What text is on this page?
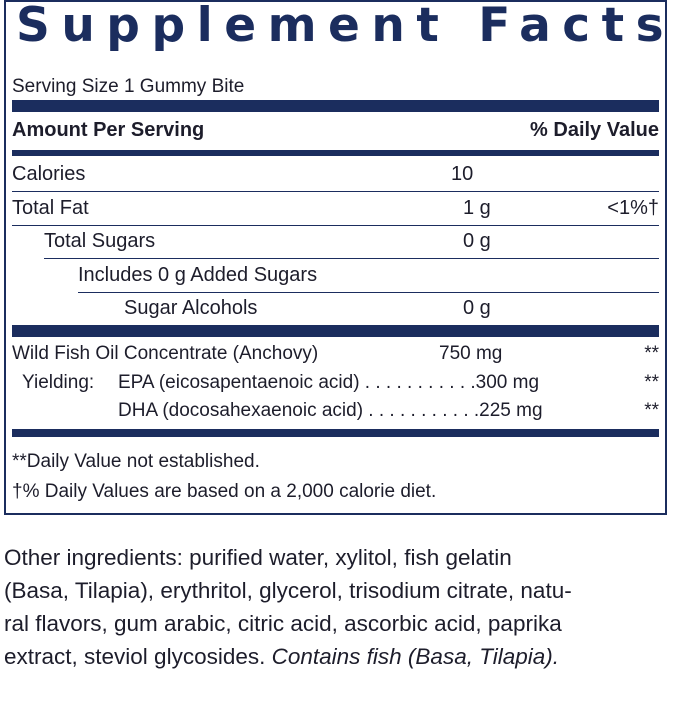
Supplement Facts
Serving Size 1 Gummy Bite
Amount Per Serving	% Daily Value
Calories	10
Total Fat	1 g	<1%†
Total Sugars	0 g
Includes 0 g Added Sugars
Sugar Alcohols	0 g
Wild Fish Oil Concentrate (Anchovy)	750 mg	**
Yielding: EPA (eicosapentaenoic acid) . . . . . . . . . . .300 mg	**
DHA (docosahexaenoic acid) . . . . . . . . . . .225 mg	**
**Daily Value not established.
†% Daily Values are based on a 2,000 calorie diet.
Other ingredients: purified water, xylitol, fish gelatin
(Basa, Tilapia), erythritol, glycerol, trisodium citrate, natu-
ral flavors, gum arabic, citric acid, ascorbic acid, paprika
extract, steviol glycosides. Contains fish (Basa, Tilapia).
